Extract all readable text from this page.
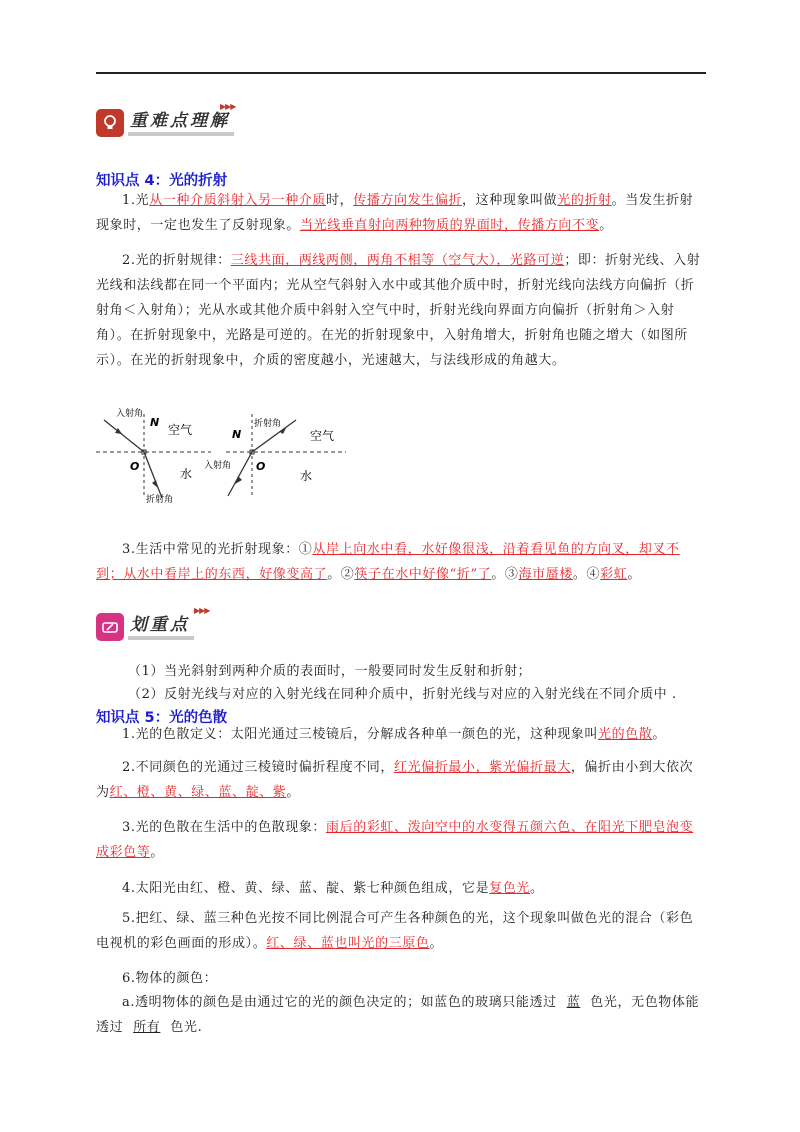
重难点理解
▶▶▶
知识点 4：光的折射
1.光从一种介质斜射入另一种介质时，传播方向发生偏折，这种现象叫做光的折射。当发生折射现象时，一定也发生了反射现象。当光线垂直射向两种物质的界面时，传播方向不变。
2.光的折射规律：三线共面，两线两侧，两角不相等（空气大），光路可逆；即：折射光线、入射光线和法线都在同一个平面内；光从空气斜射入水中或其他介质中时，折射光线向法线方向偏折（折射角＜入射角）；光从水或其他介质中斜射入空气中时，折射光线向界面方向偏折（折射角＞入射角）。在折射现象中，光路是可逆的。在光的折射现象中，入射角增大，折射角也随之增大（如图所示）。在光的折射现象中，介质的密度越小，光速越大，与法线形成的角越大。
入射角
N
空气
O
水
折射角
折射角
N	空气
入射角 O
水
3.生活中常见的光折射现象：①从岸上向水中看，水好像很浅，沿着看见鱼的方向叉，却叉不到；从水中看岸上的东西，好像变高了。②筷子在水中好像“折”了。③海市蜃楼。④彩虹。
划重点
▶▶▶
（1）当光斜射到两种介质的表面时，一般要同时发生反射和折射；
（2）反射光线与对应的入射光线在同种介质中，折射光线与对应的入射光线在不同介质中 .
知识点 5：光的色散
1.光的色散定义：太阳光通过三棱镜后，分解成各种单一颜色的光，这种现象叫光的色散。
2.不同颜色的光通过三棱镜时偏折程度不同，红光偏折最小，紫光偏折最大，偏折由小到大依次为红、橙、黄、绿、蓝、靛、紫。
3.光的色散在生活中的色散现象：雨后的彩虹、泼向空中的水变得五颜六色、在阳光下肥皂泡变成彩色等。
4.太阳光由红、橙、黄、绿、蓝、靛、紫七种颜色组成，它是复色光。
5.把红、绿、蓝三种色光按不同比例混合可产生各种颜色的光，这个现象叫做色光的混合（彩色电视机的彩色画面的形成）。红、绿、蓝也叫光的三原色。
6.物体的颜色：
a.透明物体的颜色是由通过它的光的颜色决定的；如蓝色的玻璃只能透过 蓝 色光，无色物体能透过 所有 色光.
